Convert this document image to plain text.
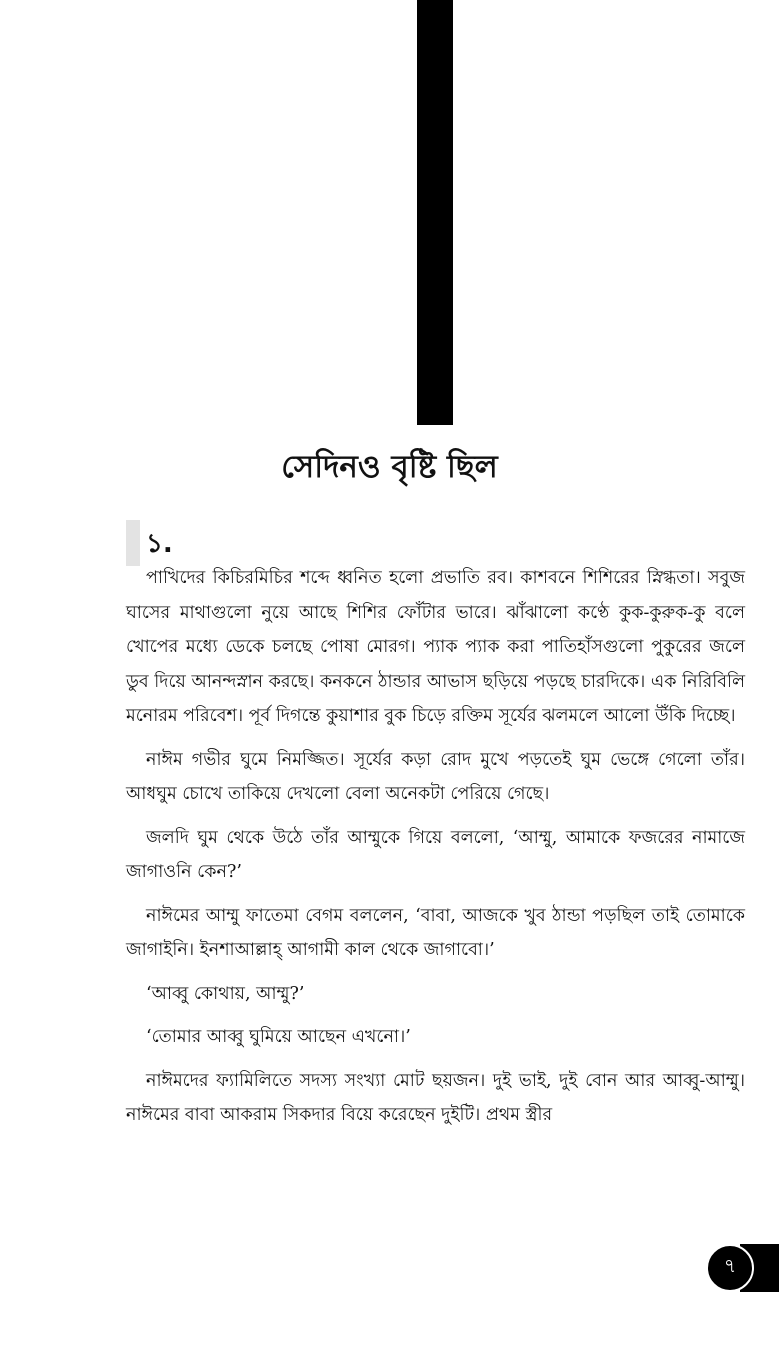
সেদিনও বৃষ্টি ছিল
১.

পাখিদের কিচিরমিচির শব্দে ধ্বনিত হলো প্রভাতি রব। কাশবনে শিশিরের স্নিগ্ধতা। সবুজ ঘাসের মাথাগুলো নুয়ে আছে শিশির ফোঁটার ভারে। ঝাঁঝালো কণ্ঠে কুক-কুরুক-কু বলে খোপের মধ্যে ডেকে চলছে পোষা মোরগ। প্যাক প্যাক করা পাতিহাঁসগুলো পুকুরের জলে ডুব দিয়ে আনন্দস্নান করছে। কনকনে ঠান্ডার আভাস ছড়িয়ে পড়ছে চারদিকে। এক নিরিবিলি মনোরম পরিবেশ। পূর্ব দিগন্তে কুয়াশার বুক চিড়ে রক্তিম সূর্যের ঝলমলে আলো উঁকি দিচ্ছে।

নাঈম গভীর ঘুমে নিমজ্জিত। সূর্যের কড়া রোদ মুখে পড়তেই ঘুম ভেঙ্গে গেলো তাঁর। আধঘুম চোখে তাকিয়ে দেখলো বেলা অনেকটা পেরিয়ে গেছে।

জলদি ঘুম থেকে উঠে তাঁর আম্মুকে গিয়ে বললো, ‘আম্মু, আমাকে ফজরের নামাজে জাগাওনি কেন?’

নাঈমের আম্মু ফাতেমা বেগম বললেন, ‘বাবা, আজকে খুব ঠান্ডা পড়ছিল তাই তোমাকে জাগাইনি। ইনশাআল্লাহ্‌ আগামী কাল থেকে জাগাবো।’

‘আব্বু কোথায়, আম্মু?’

‘তোমার আব্বু ঘুমিয়ে আছেন এখনো।’

নাঈমদের ফ্যামিলিতে সদস্য সংখ্যা মোট ছয়জন। দুই ভাই, দুই বোন আর আব্বু-আম্মু। নাঈমের বাবা আকরাম সিকদার বিয়ে করেছেন দুইটি। প্রথম স্ত্রীর

৭
